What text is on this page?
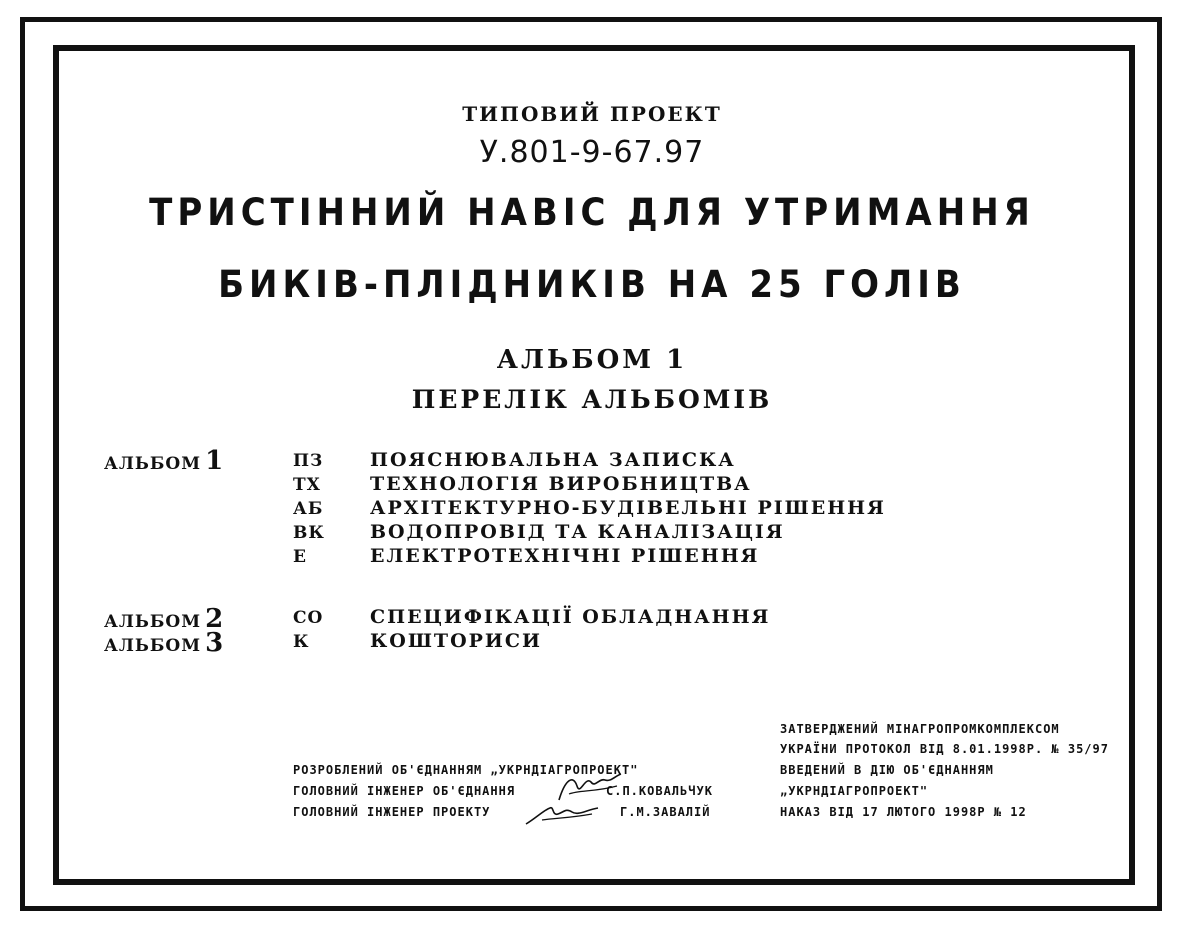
ТИПОВИЙ ПРОЕКТ
У.801-9-67.97
ТРИСТІННИЙ НАВІС ДЛЯ УТРИМАННЯ
БИКІВ-ПЛІДНИКІВ НА 25 ГОЛІВ
АЛЬБОМ 1
ПЕРЕЛІК АЛЬБОМІВ
АЛЬБОМ 1	ПЗ ПОЯСНЮВАЛЬНА ЗАПИСКА
ТХ	ТЕХНОЛОГІЯ ВИРОБНИЦТВА
АБ АРХІТЕКТУРНО-БУДІВЕЛЬНІ РІШЕННЯ
ВК ВОДОПРОВІД ТА КАНАЛІЗАЦІЯ
Е	ЕЛЕКТРОТЕХНІЧНІ РІШЕННЯ
АЛЬБОМ 2	СО СПЕЦИФІКАЦІЇ ОБЛАДНАННЯ
АЛЬБОМ 3	К	КОШТОРИСИ
РОЗРОБЛЕНИЙ ОБ'ЄДНАННЯМ „УКРНДІАГРОПРОЕКТ"
ГОЛОВНИЙ ІНЖЕНЕР ОБ'ЄДНАННЯ	С.П.КОВАЛЬЧУК
ГОЛОВНИЙ ІНЖЕНЕР ПРОЕКТУ	Г.М.ЗАВАЛІЙ
ЗАТВЕРДЖЕНИЙ МІНАГРОПРОМКОМПЛЕКСОМ
УКРАЇНИ ПРОТОКОЛ ВІД 8.01.1998Р. № 35/97
ВВЕДЕНИЙ В ДІЮ ОБ'ЄДНАННЯМ
„УКРНДІАГРОПРОЕКТ"
НАКАЗ ВІД 17 ЛЮТОГО 1998Р № 12
